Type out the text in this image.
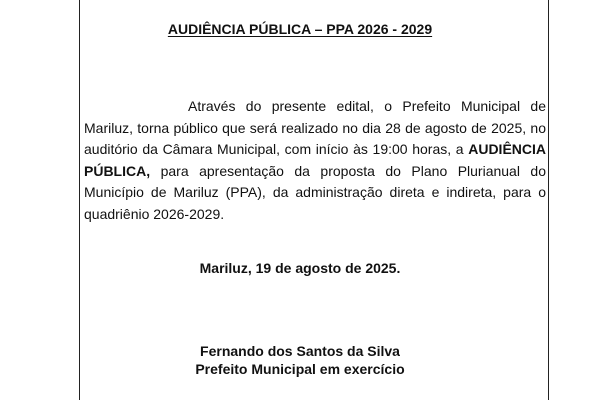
AUDIÊNCIA PÚBLICA – PPA 2026 - 2029
Através do presente edital, o Prefeito Municipal de Mariluz, torna público que será realizado no dia 28 de agosto de 2025, no auditório da Câmara Municipal, com início às 19:00 horas, a AUDIÊNCIA PÚBLICA, para apresentação da proposta do Plano Plurianual do Município de Mariluz (PPA), da administração direta e indireta, para o quadriênio 2026-2029.
Mariluz, 19 de agosto de 2025.
Fernando dos Santos da Silva
Prefeito Municipal em exercício
